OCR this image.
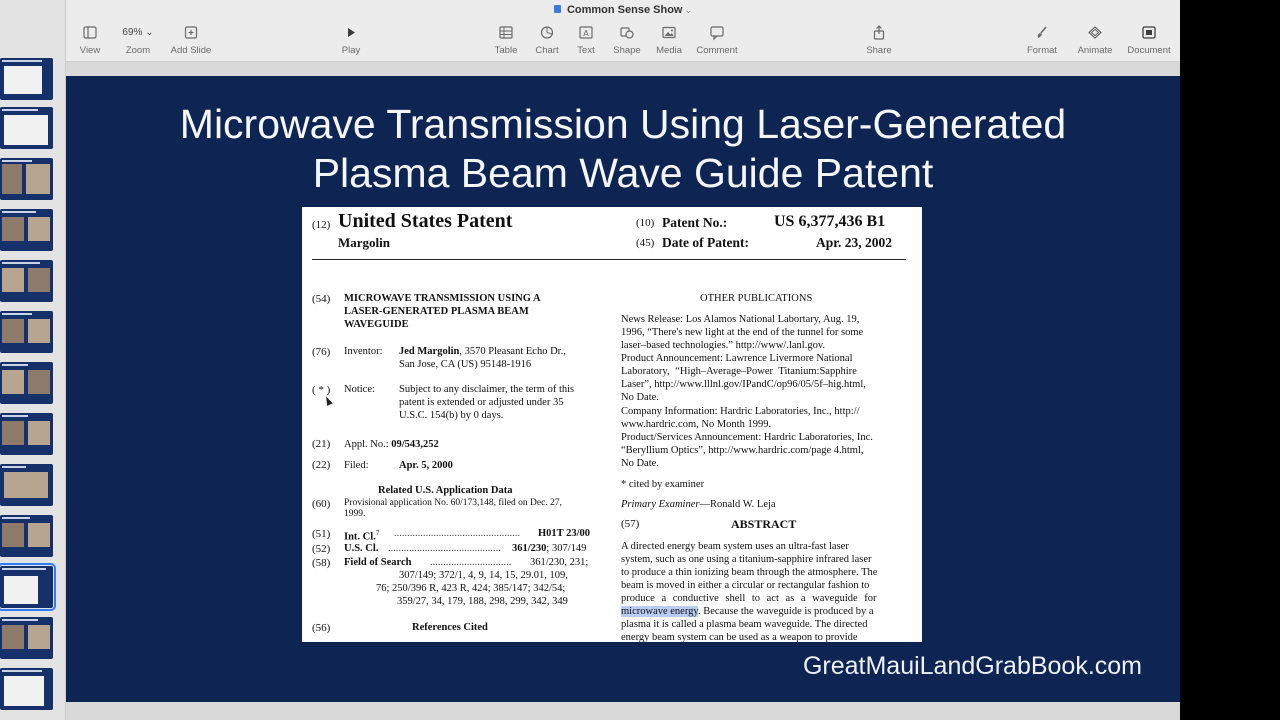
Common Sense Show ⌄
View
69% ⌄
Zoom	Add Slide	Play	Table	Chart
A
Text	Shape	Media	Comment	Share	Format	Animate	Document
Microwave Transmission Using Laser-Generated
Plasma Beam Wave Guide Patent
(12) United States Patent
Margolin
(10) Patent No.:	US 6,377,436 B1
(45) Date of Patent:	Apr. 23, 2002
(54) MICROWAVE TRANSMISSION USING A
LASER-GENERATED PLASMA BEAM
WAVEGUIDE
(76) Inventor: Jed Margolin, 3570 Pleasant Echo Dr.,
San Jose, CA (US) 95148-1916
( * ) Notice: Subject to any disclaimer, the term of this
patent is extended or adjusted under 35
U.S.C. 154(b) by 0 days.
(21) Appl. No.: 09/543,252
(22) Filed:	Apr. 5, 2000
Related U.S. Application Data
(60) Provisional application No. 60/173,148, filed on Dec. 27,
1999.
(51) Int. Cl.$^7$ ................................................ H01T 23/00
(52) U.S. Cl. ........................................... 361/230; 307/149
(58) Field of Search ............................... 361/230, 231;
307/149; 372/1, 4, 9, 14, 15, 29.01, 109,
76; 250/396 R, 423 R, 424; 385/147; 342/54;
359/27, 34, 179, 188, 298, 299, 342, 349
(56)	References Cited
OTHER PUBLICATIONS
News Release: Los Alamos National Labortary, Aug. 19,
1996, “There's new light at the end of the tunnel for some
laser–based technologies.” http://www/.lanl.gov.
Product Announcement: Lawrence Livermore National
Laboratory, “High–Average–Power Titanium:Sapphire
Laser”, http://www.lllnl.gov/IPandC/op96/05/5f–hig.html,
No Date.
Company Information: Hardric Laboratories, Inc., http://
www.hardric.com, No Month 1999.
Product/Services Announcement: Hardric Laboratories, Inc.
“Beryllium Optics”, http://www.hardric.com/page 4.html,
No Date.
* cited by examiner
Primary Examiner—Ronald W. Leja
(57)	ABSTRACT
A directed energy beam system uses an ultra-fast laser
system, such as one using a titanium-sapphire infrared laser
to produce a thin ionizing beam through the atmosphere. The
beam is moved in either a circular or rectangular fashion to
produce a conductive shell to act as a waveguide for
microwave energy. Because the waveguide is produced by a
plasma it is called a plasma beam waveguide. The directed
energy beam system can be used as a weapon to provide
GreatMauiLandGrabBook.com
